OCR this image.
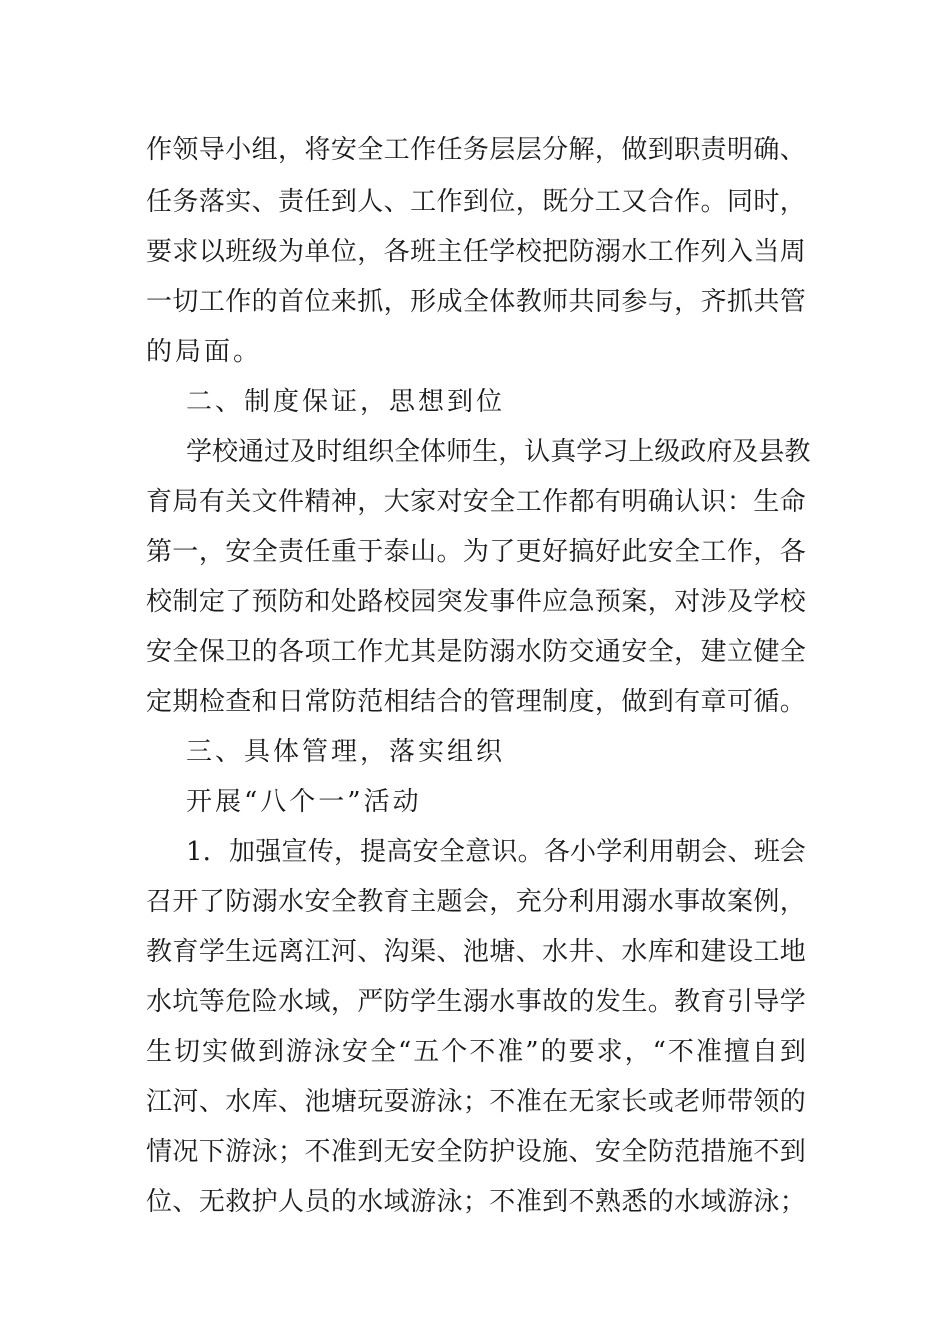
作 领 导 小 组 ， 将 安 全 工 作 任 务 层 层 分 解 ， 做 到 职 责 明 确 、
任 务 落 实 、 责 任 到 人 、 工 作 到 位 ， 既 分 工 又 合 作 。 同 时 ，
要 求 以 班 级 为 单 位 ， 各 班 主 任 学 校 把 防 溺 水 工 作 列 入 当 周
一 切 工 作 的 首 位 来 抓 ， 形 成 全 体 教 师 共 同 参 与 ， 齐 抓 共 管
的局面。
二、制度保证，思想到位
学 校 通 过 及 时 组 织 全 体 师 生 ， 认 真 学 习 上 级 政 府 及 县 教
育 局 有 关 文 件 精 神 ， 大 家 对 安 全 工 作 都 有 明 确 认 识 ： 生 命
第 一 ， 安 全 责 任 重 于 泰 山 。 为 了 更 好 搞 好 此 安 全 工 作 ， 各
校 制 定 了 预 防 和 处 路 校 园 突 发 事 件 应 急 预 案 ， 对 涉 及 学 校
安 全 保 卫 的 各 项 工 作 尤 其 是 防 溺 水 防 交 通 安 全 ， 建 立 健 全
定 期 检 查 和 日 常 防 范 相 结 合 的 管 理 制 度 ， 做 到 有 章 可 循 。
三、具体管理，落实组织
开展“八个一”活动
1 ． 加 强 宣 传 ， 提 高 安 全 意 识 。 各 小 学 利 用 朝 会 、 班 会
召 开 了 防 溺 水 安 全 教 育 主 题 会 ， 充 分 利 用 溺 水 事 故 案 例 ，
教 育 学 生 远 离 江 河 、 沟 渠 、 池 塘 、 水 井 、 水 库 和 建 设 工 地
水 坑 等 危 险 水 域 ， 严 防 学 生 溺 水 事 故 的 发 生 。 教 育 引 导 学
生 切 实 做 到 游 泳 安 全 “ 五 个 不 准 ” 的 要 求 ， “ 不 准 擅 自 到
江 河 、 水 库 、 池 塘 玩 耍 游 泳 ； 不 准 在 无 家 长 或 老 师 带 领 的
情 况 下 游 泳 ； 不 准 到 无 安 全 防 护 设 施 、 安 全 防 范 措 施 不 到
位 、 无 救 护 人 员 的 水 域 游 泳 ； 不 准 到 不 熟 悉 的 水 域 游 泳 ；
